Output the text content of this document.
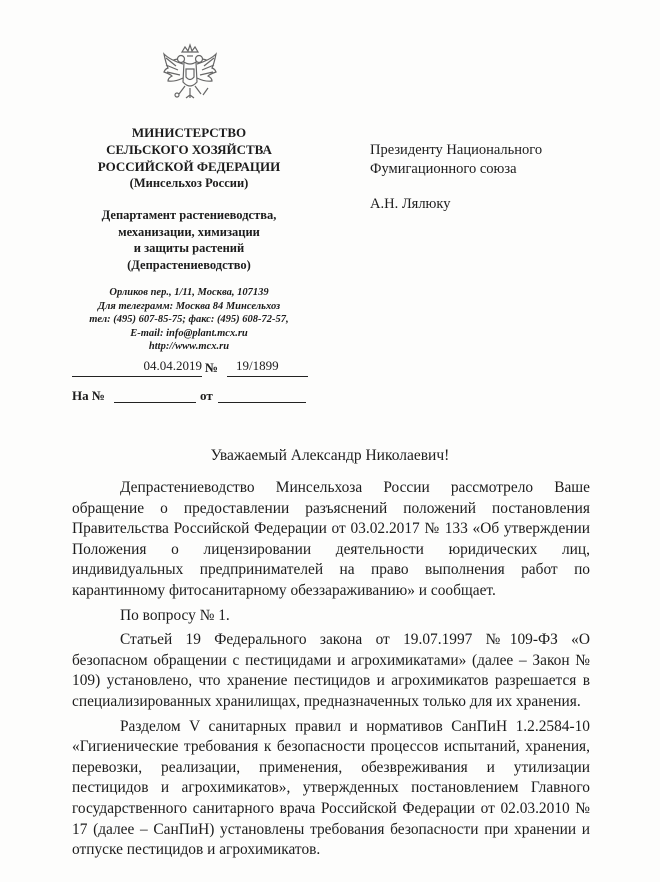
МИНИСТЕРСТВО
СЕЛЬСКОГО ХОЗЯЙСТВА
РОССИЙСКОЙ ФЕДЕРАЦИИ
(Минсельхоз России)
Департамент растениеводства,
механизации, химизации
и защиты растений
(Депрастениеводство)
Орликов пер., 1/11, Москва, 107139
Для телеграмм: Москва 84 Минсельхоз
тел: (495) 607-85-75; факс: (495) 608-72-57,
E-mail: info@plant.mcx.ru
http://www.mcx.ru
Президенту Национального
Фумигационного союза
А.Н. Лялюку
04.04.2019 №	19/1899
На №	от
Уважаемый Александр Николаевич!

Депрастениеводство Минсельхоза России рассмотрело Ваше обращение о предоставлении разъяснений положений постановления Правительства Российской Федерации от 03.02.2017 № 133 «Об утверждении Положения о лицензировании деятельности юридических лиц, индивидуальных предпринимателей на право выполнения работ по карантинному фитосанитарному обеззараживанию» и сообщает.

По вопросу № 1.

Статьей 19 Федерального закона от 19.07.1997 №109-ФЗ «О безопасном обращении с пестицидами и агрохимикатами» (далее – Закон № 109) установлено, что хранение пестицидов и агрохимикатов разрешается в специализированных хранилищах, предназначенных только для их хранения.

Разделом V санитарных правил и нормативов СанПиН 1.2.2584-10 «Гигиенические требования к безопасности процессов испытаний, хранения, перевозки, реализации, применения, обезвреживания и утилизации пестицидов и агрохимикатов», утвержденных постановлением Главного государственного санитарного врача Российской Федерации от 02.03.2010 № 17 (далее – СанПиН) установлены требования безопасности при хранении и отпуске пестицидов и агрохимикатов.
